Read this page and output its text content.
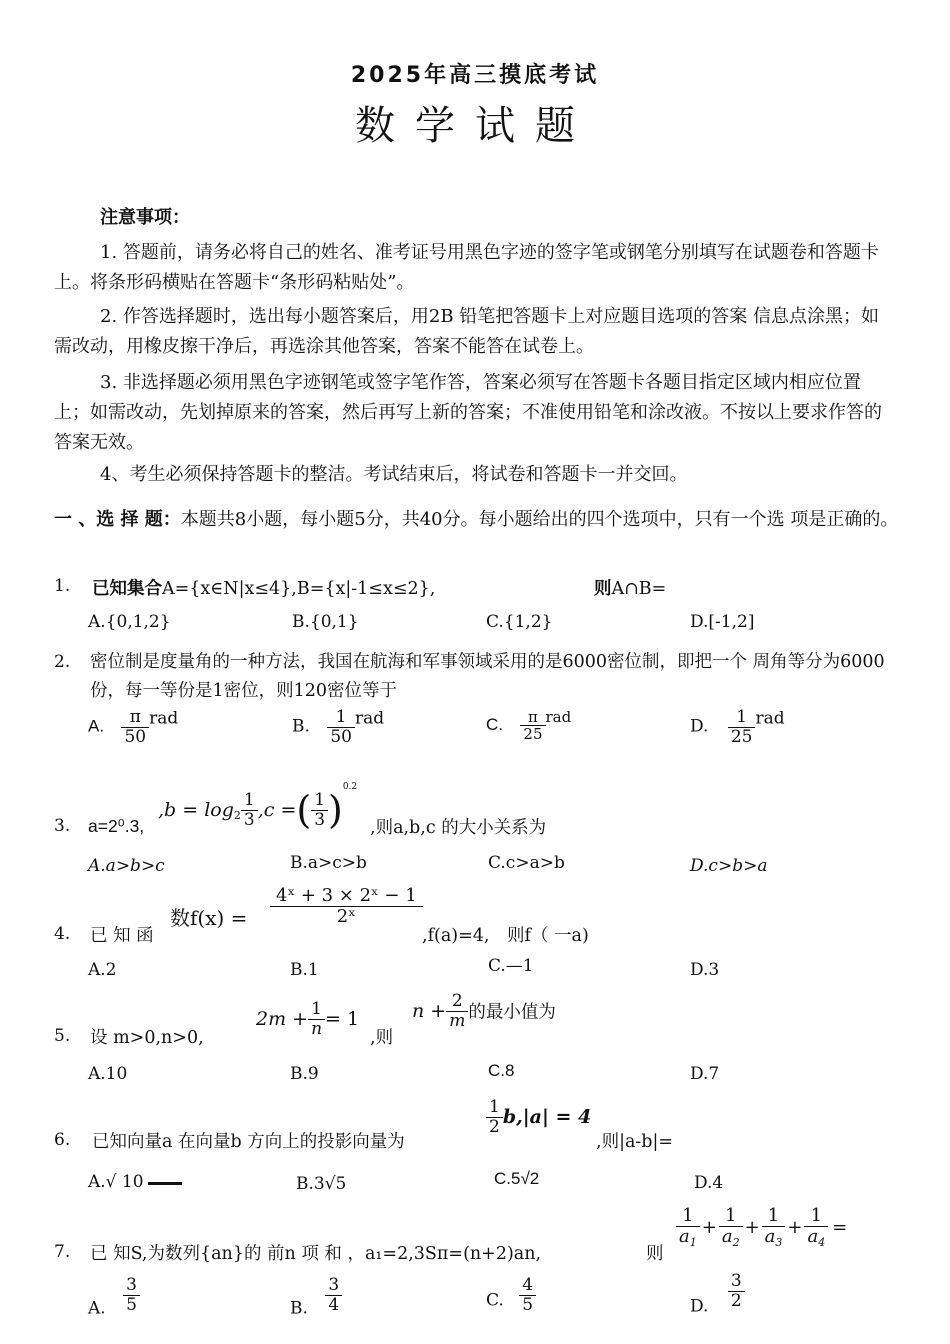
2025年高三摸底考试
数学试题
注意事项：
1. 答题前，请务必将自己的姓名、准考证号用黑色字迹的签字笔或钢笔分别填写在试题卷和答题卡上。将条形码横贴在答题卡“条形码粘贴处”。
2. 作答选择题时，选出每小题答案后，用2B 铅笔把答题卡上对应题目选项的答案 信息点涂黑；如需改动，用橡皮擦干净后，再选涂其他答案，答案不能答在试卷上。
3. 非选择题必须用黑色字迹钢笔或签字笔作答，答案必须写在答题卡各题目指定区域内相应位置上；如需改动，先划掉原来的答案，然后再写上新的答案；不准使用铅笔和涂改液。不按以上要求作答的答案无效。
4、考生必须保持答题卡的整洁。考试结束后，将试卷和答题卡一并交回。
一 、选 择 题：本题共8小题，每小题5分，共40分。每小题给出的四个选项中，只有一个选 项是正确的。
1. 已知集合A={x∈N|x≤4},B={x|-1≤x≤2},	则A∩B=
A.{0,1,2}	B.{0,1}	C.{1,2}	D.[-1,2]
2. 密位制是度量角的一种方法，我国在航海和军事领域采用的是6000密位制，即把一个 周角等分为6000份，每一等份是1密位，则120密位等于
A. $\frac{\pi}{50}$ rad	B. $\frac{1}{50}$ rad	C. $\frac{\pi}{25}$ rad	D. $\frac{1}{25}$ rad
3. a=2⁰.3,
$,b = \log_2 \frac{1}{3} ,c$ =( $\frac{1}{3} )^{0.2}$
,则a,b,c 的大小关系为
A.a>b>c	B.a>c>b	C.c>a>b	D.c>b>a
4. 已 知 函
数$f(x) = \frac{\text{4ˣ + 3 × 2ˣ − 1}}{\text{2ˣ}}$
,f(a)=4,　则f（ 一a)
A.2	B.1	C.—1	D.3
5. 设 m>0,n>0,
$2m + \frac{1}{n} = 1$
,则
$n + \frac{2}{m}$ 的最小值为
A.10	B.9	C.8	D.7
6. 已知向量a 在向量b 方向上的投影向量为
$\frac{1}{2} b,|a| = 4$
,则|a-b|=
A.√ 10	B.3√5	C.5√2	D.4
7. 已 知S,为数列{an}的 前n 项 和 ，a₁=2,3Sπ=(n+2)an,	则
$\frac{1}{a_1} + \frac{1}{a_2} + \frac{1}{a_3} + \frac{1}{a_4}$ =
A. $\frac{3}{5}$	B. $\frac{3}{4}$	C. $\frac{4}{5}$	D. $\frac{3}{2}$
